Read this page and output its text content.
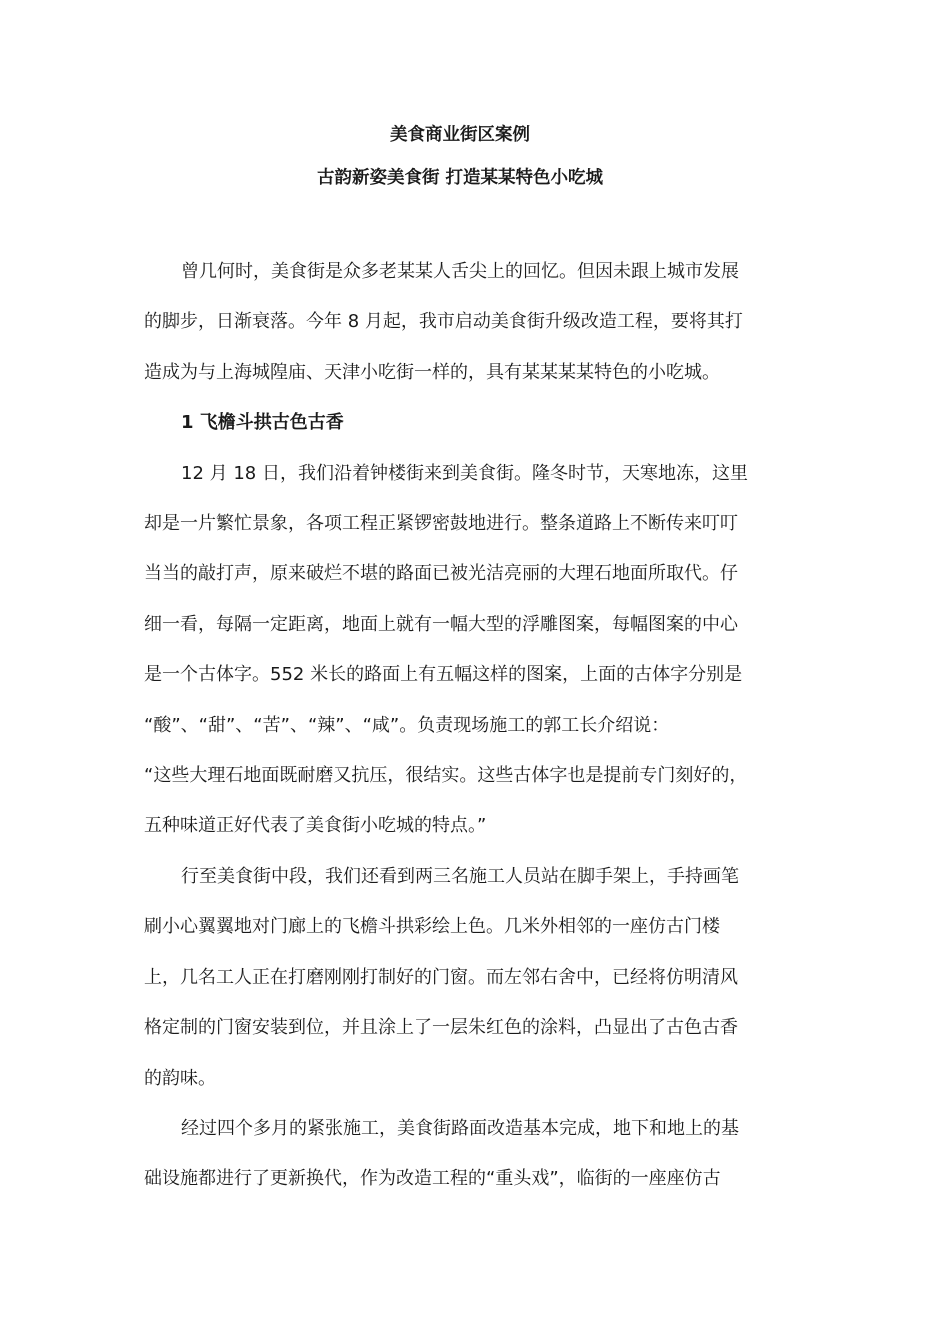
美食商业街区案例
古韵新姿美食街 打造某某特色小吃城
曾几何时，美食街是众多老某某人舌尖上的回忆。但因未跟上城市发展
的脚步，日渐衰落。今年 8 月起，我市启动美食街升级改造工程，要将其打
造成为与上海城隍庙、天津小吃街一样的，具有某某某某特色的小吃城。
1 飞檐斗拱古色古香
12 月 18 日，我们沿着钟楼街来到美食街。隆冬时节，天寒地冻，这里
却是一片繁忙景象，各项工程正紧锣密鼓地进行。整条道路上不断传来叮叮
当当的敲打声，原来破烂不堪的路面已被光洁亮丽的大理石地面所取代。仔
细一看，每隔一定距离，地面上就有一幅大型的浮雕图案，每幅图案的中心
是一个古体字。552 米长的路面上有五幅这样的图案，上面的古体字分别是
“酸”、“甜”、“苦”、“辣”、“咸”。负责现场施工的郭工长介绍说：
“这些大理石地面既耐磨又抗压，很结实。这些古体字也是提前专门刻好的，
五种味道正好代表了美食街小吃城的特点。”
行至美食街中段，我们还看到两三名施工人员站在脚手架上，手持画笔
刷小心翼翼地对门廊上的飞檐斗拱彩绘上色。几米外相邻的一座仿古门楼
上，几名工人正在打磨刚刚打制好的门窗。而左邻右舍中，已经将仿明清风
格定制的门窗安装到位，并且涂上了一层朱红色的涂料，凸显出了古色古香
的韵味。
经过四个多月的紧张施工，美食街路面改造基本完成，地下和地上的基
础设施都进行了更新换代，作为改造工程的“重头戏”，临街的一座座仿古
